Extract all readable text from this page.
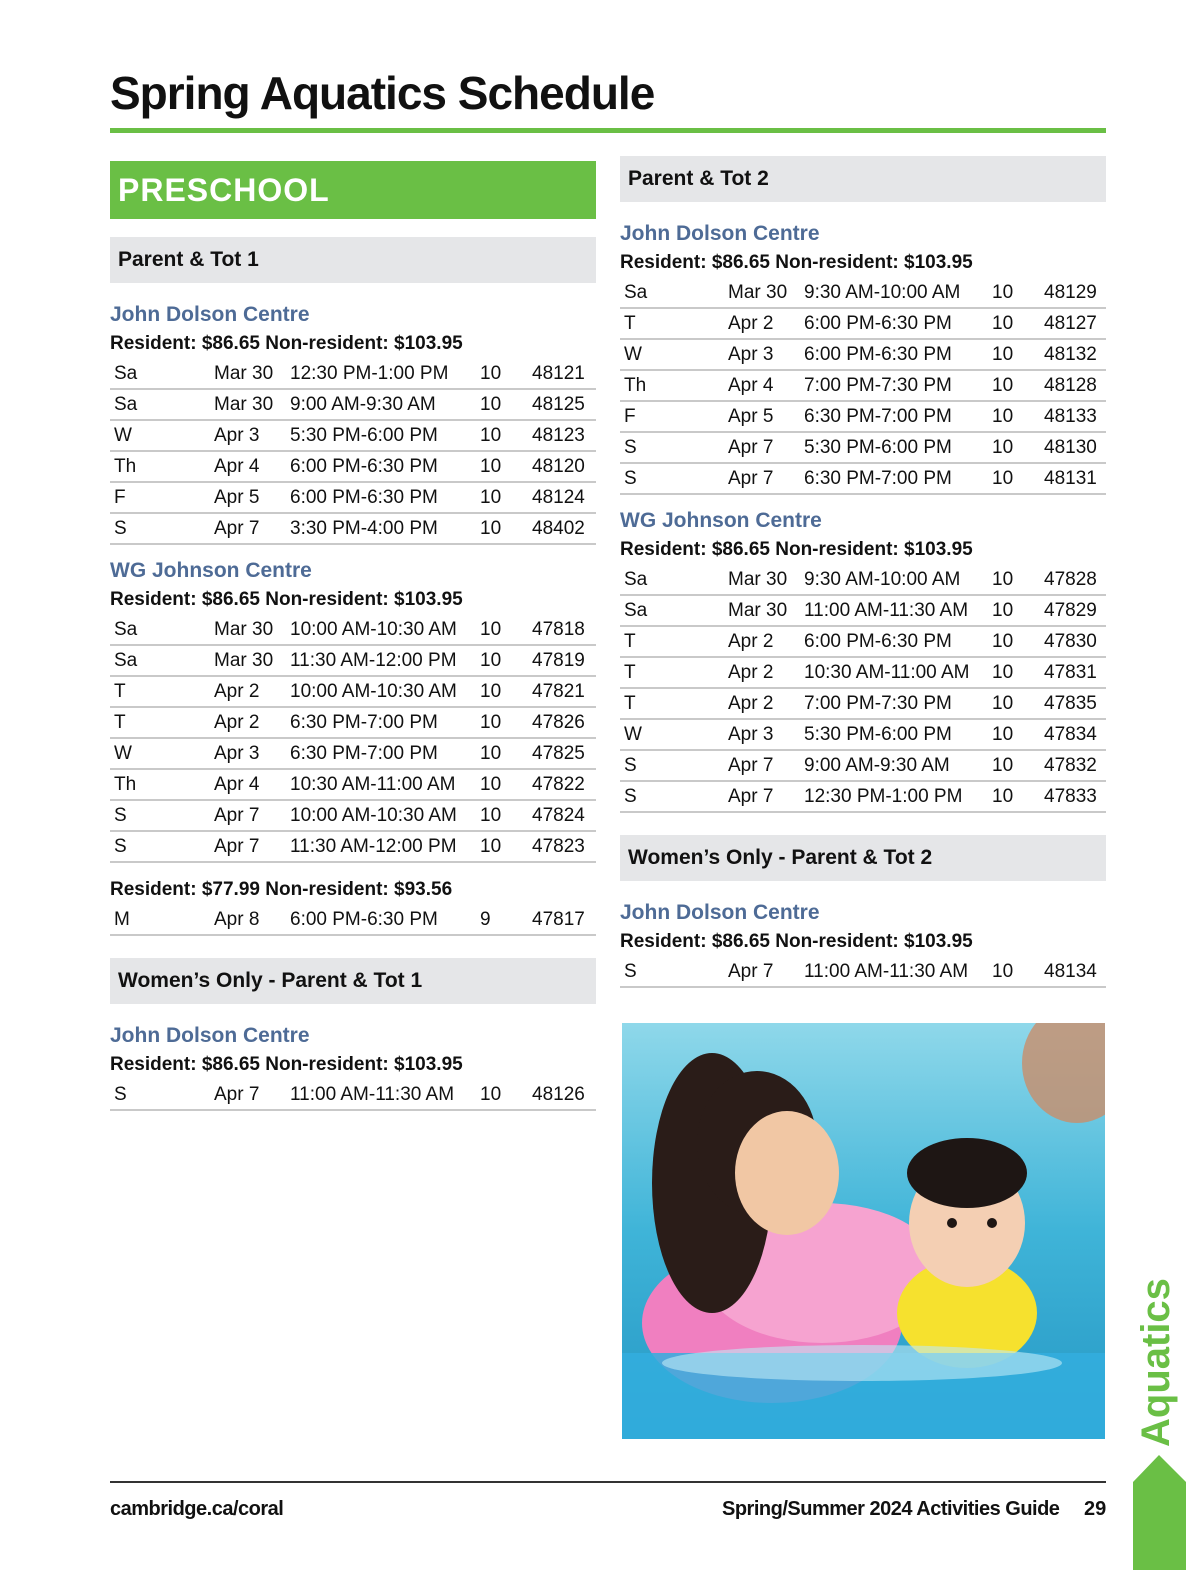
Spring Aquatics Schedule
PRESCHOOL
Parent & Tot 1
John Dolson Centre
Resident: $86.65 Non-resident: $103.95
Sa	Mar 30	12:30 PM-1:00 PM	10	48121
Sa	Mar 30	9:00 AM-9:30 AM	10	48125
W	Apr 3	5:30 PM-6:00 PM	10	48123
Th	Apr 4	6:00 PM-6:30 PM	10	48120
F	Apr 5	6:00 PM-6:30 PM	10	48124
S	Apr 7	3:30 PM-4:00 PM	10	48402
WG Johnson Centre
Resident: $86.65 Non-resident: $103.95
Sa	Mar 30	10:00 AM-10:30 AM	10	47818
Sa	Mar 30	11:30 AM-12:00 PM	10	47819
T	Apr 2	10:00 AM-10:30 AM	10	47821
T	Apr 2	6:30 PM-7:00 PM	10	47826
W	Apr 3	6:30 PM-7:00 PM	10	47825
Th	Apr 4	10:30 AM-11:00 AM	10	47822
S	Apr 7	10:00 AM-10:30 AM	10	47824
S	Apr 7	11:30 AM-12:00 PM	10	47823
Resident: $77.99 Non-resident: $93.56
M	Apr 8	6:00 PM-6:30 PM	9	47817
Women’s Only - Parent & Tot 1
John Dolson Centre
Resident: $86.65 Non-resident: $103.95
S	Apr 7	11:00 AM-11:30 AM	10	48126
Parent & Tot 2
John Dolson Centre
Resident: $86.65 Non-resident: $103.95
Sa	Mar 30	9:30 AM-10:00 AM	10	48129
T	Apr 2	6:00 PM-6:30 PM	10	48127
W	Apr 3	6:00 PM-6:30 PM	10	48132
Th	Apr 4	7:00 PM-7:30 PM	10	48128
F	Apr 5	6:30 PM-7:00 PM	10	48133
S	Apr 7	5:30 PM-6:00 PM	10	48130
S	Apr 7	6:30 PM-7:00 PM	10	48131
WG Johnson Centre
Resident: $86.65 Non-resident: $103.95
Sa	Mar 30	9:30 AM-10:00 AM	10	47828
Sa	Mar 30	11:00 AM-11:30 AM	10	47829
T	Apr 2	6:00 PM-6:30 PM	10	47830
T	Apr 2	10:30 AM-11:00 AM	10	47831
T	Apr 2	7:00 PM-7:30 PM	10	47835
W	Apr 3	5:30 PM-6:00 PM	10	47834
S	Apr 7	9:00 AM-9:30 AM	10	47832
S	Apr 7	12:30 PM-1:00 PM	10	47833
Women’s Only - Parent & Tot 2
John Dolson Centre
Resident: $86.65 Non-resident: $103.95
S	Apr 7	11:00 AM-11:30 AM	10	48134
Aquatics
cambridge.ca/coral	Spring/Summer 2024 Activities Guide 29
